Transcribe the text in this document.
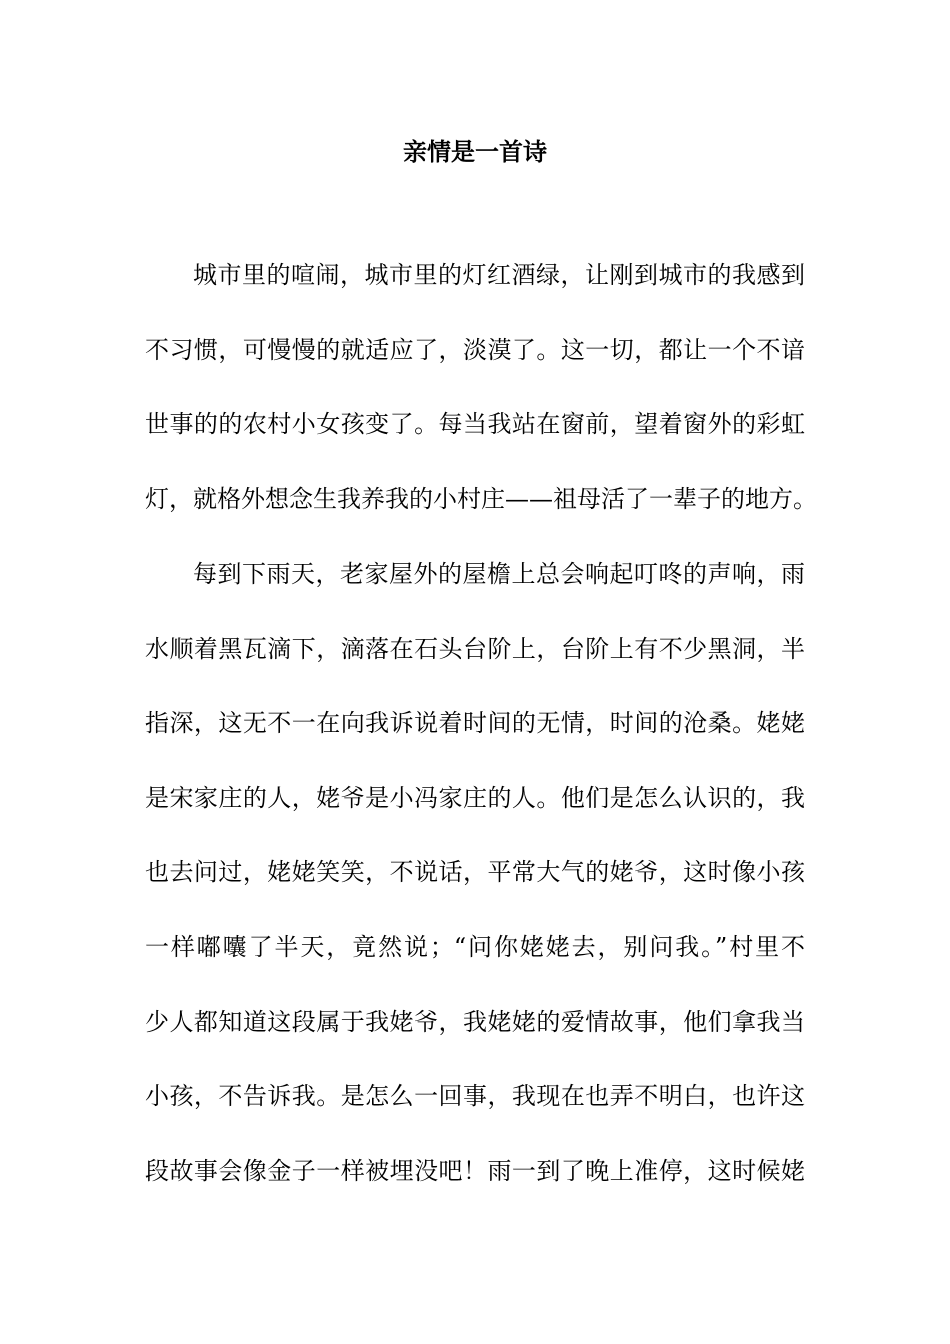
亲情是一首诗

城市里的喧闹，城市里的灯红酒绿，让刚到城市的我感到

不习惯，可慢慢的就适应了，淡漠了。这一切，都让一个不谙

世事的的农村小女孩变了。每当我站在窗前，望着窗外的彩虹

灯，就格外想念生我养我的小村庄——祖母活了一辈子的地方。

每到下雨天，老家屋外的屋檐上总会响起叮咚的声响，雨

水顺着黑瓦滴下，滴落在石头台阶上，台阶上有不少黑洞，半

指深，这无不一在向我诉说着时间的无情，时间的沧桑。姥姥

是宋家庄的人，姥爷是小冯家庄的人。他们是怎么认识的，我

也去问过，姥姥笑笑，不说话，平常大气的姥爷，这时像小孩

一样嘟囔了半天，竟然说；“问你姥姥去，别问我。”村里不

少人都知道这段属于我姥爷，我姥姥的爱情故事，他们拿我当

小孩，不告诉我。是怎么一回事，我现在也弄不明白，也许这

段故事会像金子一样被埋没吧！雨一到了晚上准停，这时候姥
